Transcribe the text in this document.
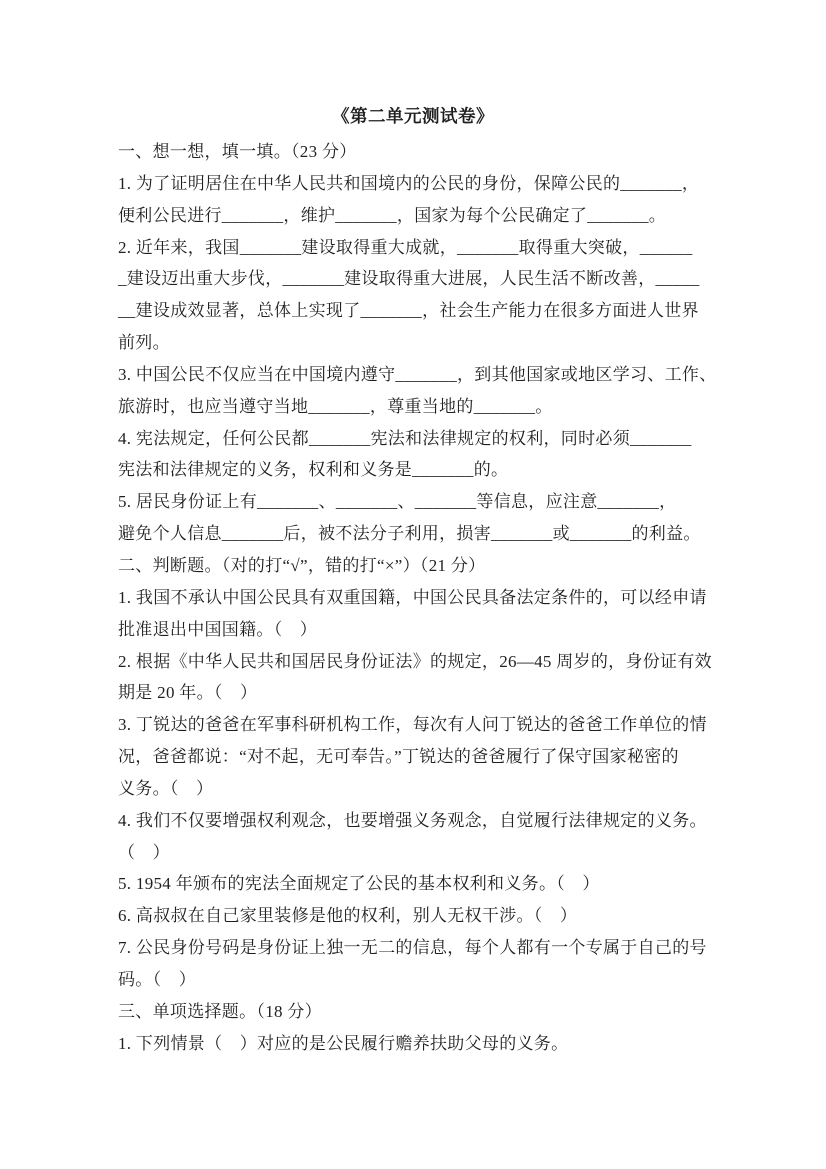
《第二单元测试卷》
一、想一想，填一填。（23 分）
1. 为了证明居住在中华人民共和国境内的公民的身份，保障公民的_______，
便利公民进行_______，维护_______，国家为每个公民确定了_______。
2. 近年来，我国_______建设取得重大成就，_______取得重大突破，______
_建设迈出重大步伐，_______建设取得重大进展，人民生活不断改善，_____
__建设成效显著，总体上实现了_______，社会生产能力在很多方面进人世界
前列。
3. 中国公民不仅应当在中国境内遵守_______，到其他国家或地区学习、工作、
旅游时，也应当遵守当地_______，尊重当地的_______。
4. 宪法规定，任何公民都_______宪法和法律规定的权利，同时必须_______
宪法和法律规定的义务，权利和义务是_______的。
5. 居民身份证上有_______、_______、_______等信息，应注意_______，
避免个人信息_______后，被不法分子利用，损害_______或_______的利益。
二、判断题。（对的打“√”，错的打“×”）（21 分）
1. 我国不承认中国公民具有双重国籍，中国公民具备法定条件的，可以经申请
批准退出中国国籍。（　）
2. 根据《中华人民共和国居民身份证法》的规定，26—45 周岁的，身份证有效
期是 20 年。（　）
3. 丁锐达的爸爸在军事科研机构工作，每次有人问丁锐达的爸爸工作单位的情
况，爸爸都说：“对不起，无可奉告。”丁锐达的爸爸履行了保守国家秘密的
义务。（　）
4. 我们不仅要增强权利观念，也要增强义务观念，自觉履行法律规定的义务。
（　）
5. 1954 年颁布的宪法全面规定了公民的基本权利和义务。（　）
6. 高叔叔在自己家里装修是他的权利，别人无权干涉。（　）
7. 公民身份号码是身份证上独一无二的信息，每个人都有一个专属于自己的号
码。（　）
三、单项选择题。（18 分）
1. 下列情景（　）对应的是公民履行赡养扶助父母的义务。
